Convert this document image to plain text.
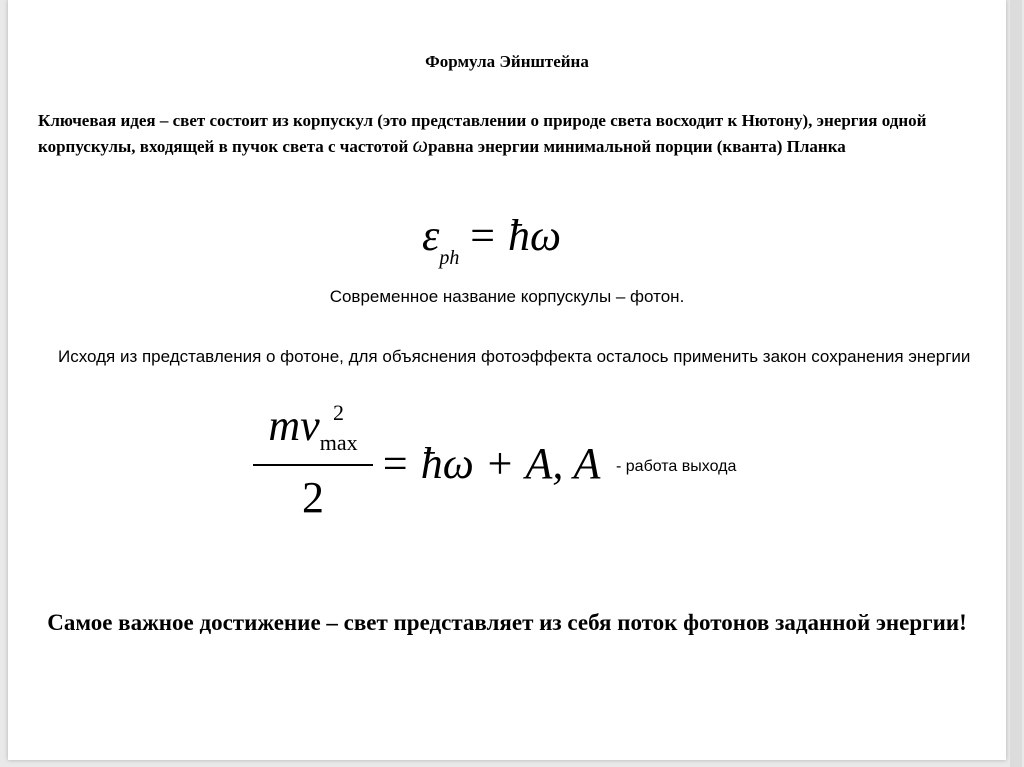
Формула Эйнштейна
Ключевая идея – свет состоит из корпускул (это представлении о природе света восходит к Нютону), энергия одной корпускулы, входящей в пучок света с частотой ωравна энергии минимальной порции (кванта) Планка
$\varepsilon_{ph}$ = ħω
Современное название корпускулы – фотон.
Исходя из представления о фотоне, для объяснения фотоэффекта осталось применить закон сохранения энергии
$mv_{max}$
2
2
= ħω + A, A - работа выхода
Самое важное достижение – свет представляет из себя поток фотонов заданной энергии!
